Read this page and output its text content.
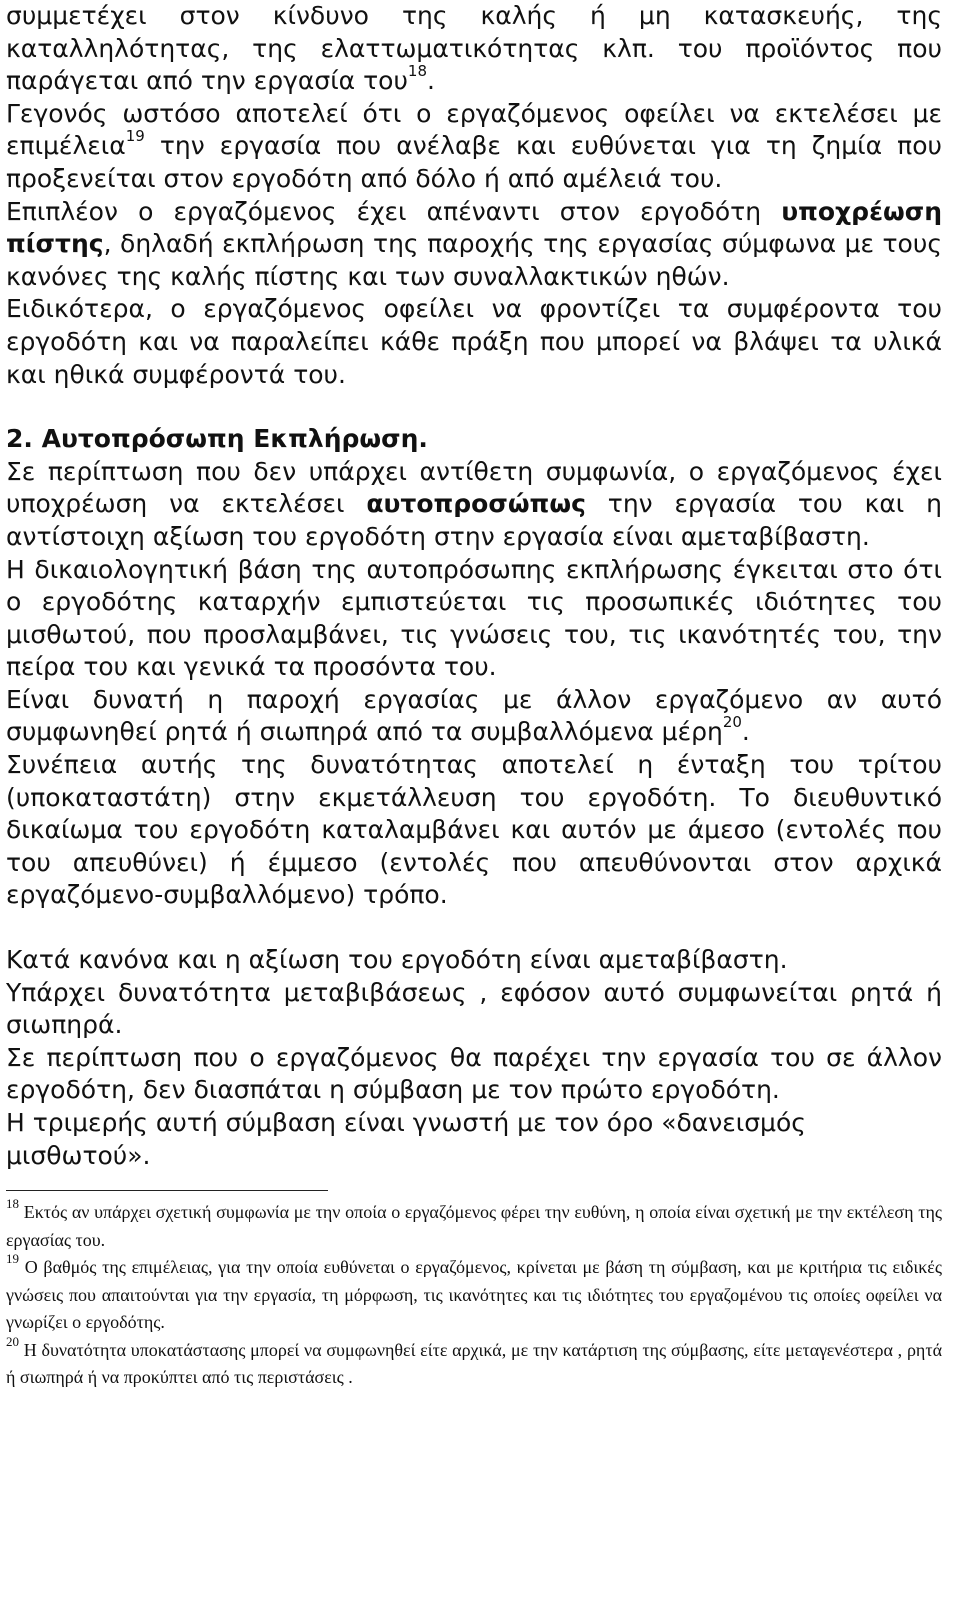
συμμετέχει στον κίνδυνο της καλής ή μη κατασκευής, της καταλληλότητας, της ελαττωματικότητας κλπ. του προϊόντος που παράγεται από την εργασία του$^{18}$.

Γεγονός ωστόσο αποτελεί ότι ο εργαζόμενος οφείλει να εκτελέσει με επιμέλεια$^{19}$ την εργασία που ανέλαβε και ευθύνεται για τη ζημία που προξενείται στον εργοδότη από δόλο ή από αμέλειά του.

Επιπλέον ο εργαζόμενος έχει απέναντι στον εργοδότη υποχρέωση πίστης, δηλαδή εκπλήρωση της παροχής της εργασίας σύμφωνα με τους κανόνες της καλής πίστης και των συναλλακτικών ηθών.

Ειδικότερα, ο εργαζόμενος οφείλει να φροντίζει τα συμφέροντα του εργοδότη και να παραλείπει κάθε πράξη που μπορεί να βλάψει τα υλικά και ηθικά συμφέροντά του.

2. Αυτοπρόσωπη Εκπλήρωση.

Σε περίπτωση που δεν υπάρχει αντίθετη συμφωνία, ο εργαζόμενος έχει υποχρέωση να εκτελέσει αυτοπροσώπως την εργασία του και η αντίστοιχη αξίωση του εργοδότη στην εργασία είναι αμεταβίβαστη.

Η δικαιολογητική βάση της αυτοπρόσωπης εκπλήρωσης έγκειται στο ότι ο εργοδότης καταρχήν εμπιστεύεται τις προσωπικές ιδιότητες του μισθωτού, που προσλαμβάνει, τις γνώσεις του, τις ικανότητές του, την πείρα του και γενικά τα προσόντα του.

Είναι δυνατή η παροχή εργασίας με άλλον εργαζόμενο αν αυτό συμφωνηθεί ρητά ή σιωπηρά από τα συμβαλλόμενα μέρη$^{20}$.

Συνέπεια αυτής της δυνατότητας αποτελεί η ένταξη του τρίτου (υποκαταστάτη) στην εκμετάλλευση του εργοδότη. Το διευθυντικό δικαίωμα του εργοδότη καταλαμβάνει και αυτόν με άμεσο (εντολές που του απευθύνει) ή έμμεσο (εντολές που απευθύνονται στον αρχικά εργαζόμενο-συμβαλλόμενο) τρόπο.

Κατά κανόνα και η αξίωση του εργοδότη είναι αμεταβίβαστη.

Υπάρχει δυνατότητα μεταβιβάσεως , εφόσον αυτό συμφωνείται ρητά ή σιωπηρά.

Σε περίπτωση που ο εργαζόμενος θα παρέχει την εργασία του σε άλλον εργοδότη, δεν διασπάται η σύμβαση με τον πρώτο εργοδότη.

Η τριμερής αυτή σύμβαση είναι γνωστή με τον όρο «δανεισμός μισθωτού».

$^{18}$ Εκτός αν υπάρχει σχετική συμφωνία με την οποία ο εργαζόμενος φέρει την ευθύνη, η οποία είναι σχετική με την εκτέλεση της εργασίας του.

$^{19}$ Ο βαθμός της επιμέλειας, για την οποία ευθύνεται ο εργαζόμενος, κρίνεται με βάση τη σύμβαση, και με κριτήρια τις ειδικές γνώσεις που απαιτούνται για την εργασία, τη μόρφωση, τις ικανότητες και τις ιδιότητες του εργαζομένου τις οποίες οφείλει να γνωρίζει ο εργοδότης.

$^{20}$ Η δυνατότητα υποκατάστασης μπορεί να συμφωνηθεί είτε αρχικά, με την κατάρτιση της σύμβασης, είτε μεταγενέστερα , ρητά ή σιωπηρά ή να προκύπτει από τις περιστάσεις .
